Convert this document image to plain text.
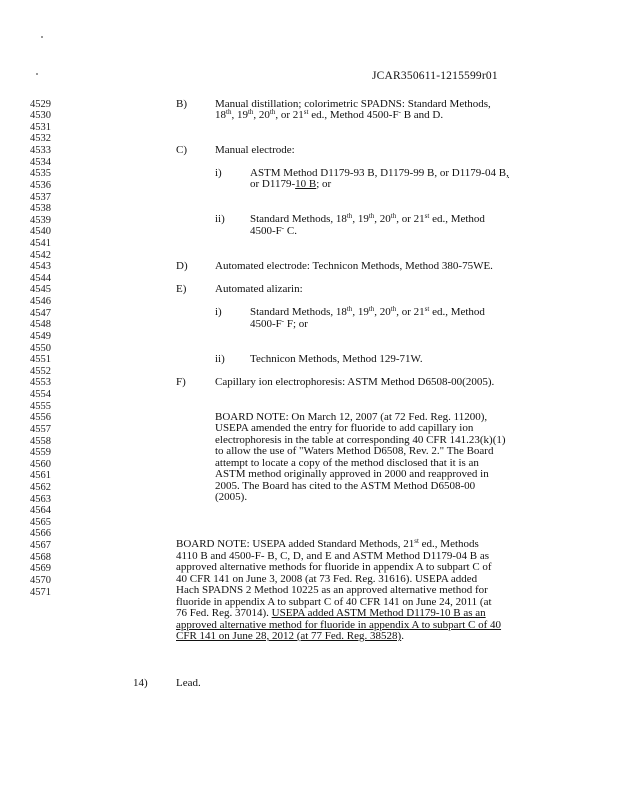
JCAR350611-1215599r01
4529
4530
4531
4532
4533
4534
4535
4536
4537
4538
4539
4540
4541
4542
4543
4544
4545
4546
4547
4548
4549
4550
4551
4552
4553
4554
4555
4556
4557
4558
4559
4560
4561
4562
4563
4564
4565
4566
4567
4568
4569
4570
4571
B)	Manual distillation; colorimetric SPADNS: Standard Methods,
18th, 19th, 20th, or 21st ed., Method 4500-F- B and D.
C)	Manual electrode:
i)	ASTM Method D1179-93 B, D1179-99 B, or D1179-04 B,
or D1179-10 B; or
ii) Standard Methods, 18th, 19th, 20th, or 21st ed., Method
4500-F- C.
D) Automated electrode: Technicon Methods, Method 380-75WE.
E)	Automated alizarin:
i)	Standard Methods, 18th, 19th, 20th, or 21st ed., Method
4500-F- F; or
ii) Technicon Methods, Method 129-71W.
F)	Capillary ion electrophoresis: ASTM Method D6508-00(2005).
BOARD NOTE: On March 12, 2007 (at 72 Fed. Reg. 11200),
USEPA amended the entry for fluoride to add capillary ion
electrophoresis in the table at corresponding 40 CFR 141.23(k)(1)
to allow the use of "Waters Method D6508, Rev. 2." The Board
attempt to locate a copy of the method disclosed that it is an
ASTM method originally approved in 2000 and reapproved in
2005. The Board has cited to the ASTM Method D6508-00
(2005).
BOARD NOTE: USEPA added Standard Methods, 21st ed., Methods
4110 B and 4500-F- B, C, D, and E and ASTM Method D1179-04 B as
approved alternative methods for fluoride in appendix A to subpart C of
40 CFR 141 on June 3, 2008 (at 73 Fed. Reg. 31616). USEPA added
Hach SPADNS 2 Method 10225 as an approved alternative method for
fluoride in appendix A to subpart C of 40 CFR 141 on June 24, 2011 (at
76 Fed. Reg. 37014). USEPA added ASTM Method D1179-10 B as an
approved alternative method for fluoride in appendix A to subpart C of 40
CFR 141 on June 28, 2012 (at 77 Fed. Reg. 38528).
14)	Lead.
